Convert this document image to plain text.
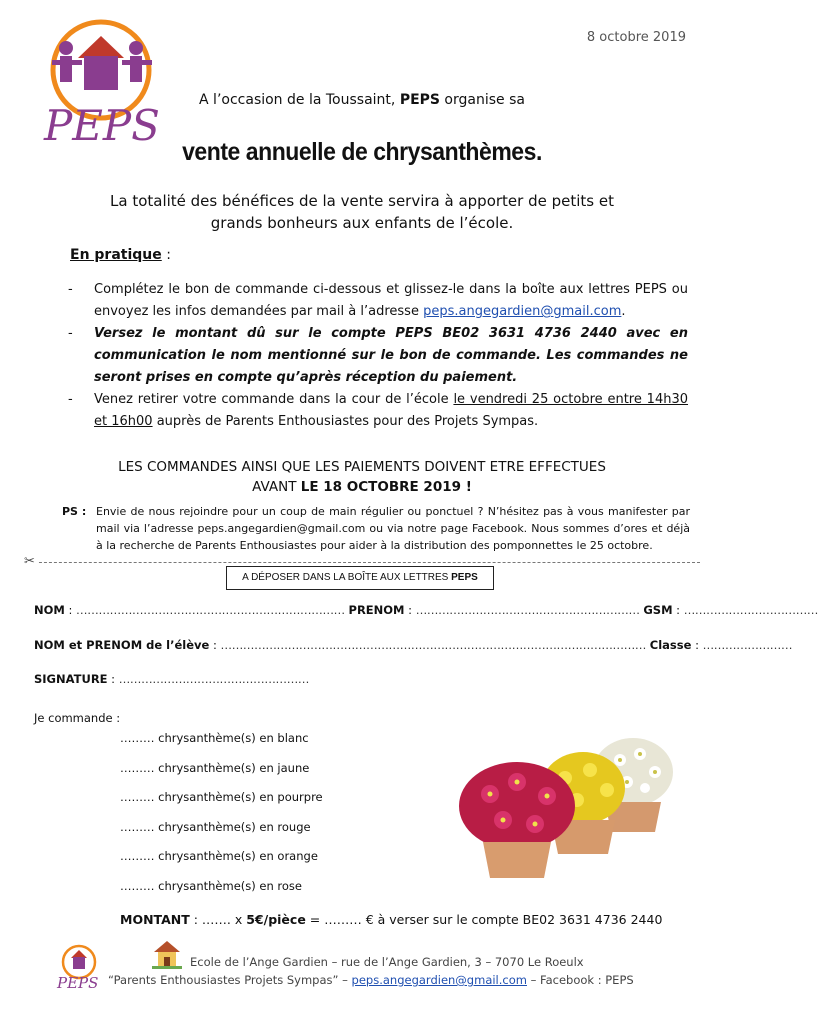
8 octobre 2019
PEPS
A l’occasion de la Toussaint, PEPS organise sa
vente annuelle de chrysanthèmes.
La totalité des bénéfices de la vente servira à apporter de petits et
grands bonheurs aux enfants de l’école.
En pratique :
-	Complétez le bon de commande ci-dessous et glissez-le dans la boîte aux lettres PEPS ou envoyez les infos demandées par mail à l’adresse peps.angegardien@gmail.com.
-	Versez le montant dû sur le compte PEPS BE02 3631 4736 2440 avec en communication le nom mentionné sur le bon de commande. Les commandes ne seront prises en compte qu’après réception du paiement.
-	Venez retirer votre commande dans la cour de l’école le vendredi 25 octobre entre 14h30 et 16h00 auprès de Parents Enthousiastes pour des Projets Sympas.
LES COMMANDES AINSI QUE LES PAIEMENTS DOIVENT ETRE EFFECTUES
AVANT LE 18 OCTOBRE 2019 !
PS : Envie de nous rejoindre pour un coup de main régulier ou ponctuel ? N’hésitez pas à vous manifester par mail via l’adresse peps.angegardien@gmail.com ou via notre page Facebook. Nous sommes d’ores et déjà à la recherche de Parents Enthousiastes pour aider à la distribution des pomponnettes le 25 octobre.
✂
A DÉPOSER DANS LA BOÎTE AUX LETTRES PEPS
NOM : ……………………………………………………………… PRENOM : …………………………………………………… GSM : ………………………………
NOM et PRENOM de l’élève : …………………………………………………………………………………………………… Classe : ……………………
SIGNATURE : ……………………………………………
Je commande :
……… chrysanthème(s) en blanc
……… chrysanthème(s) en jaune
……… chrysanthème(s) en pourpre
……… chrysanthème(s) en rouge
……… chrysanthème(s) en orange
……… chrysanthème(s) en rose
MONTANT : ……. x 5€/pièce = ……… € à verser sur le compte BE02 3631 4736 2440
PEPS
Ecole de l’Ange Gardien – rue de l’Ange Gardien, 3 – 7070 Le Roeulx
“Parents Enthousiastes Projets Sympas” – peps.angegardien@gmail.com – Facebook : PEPS
